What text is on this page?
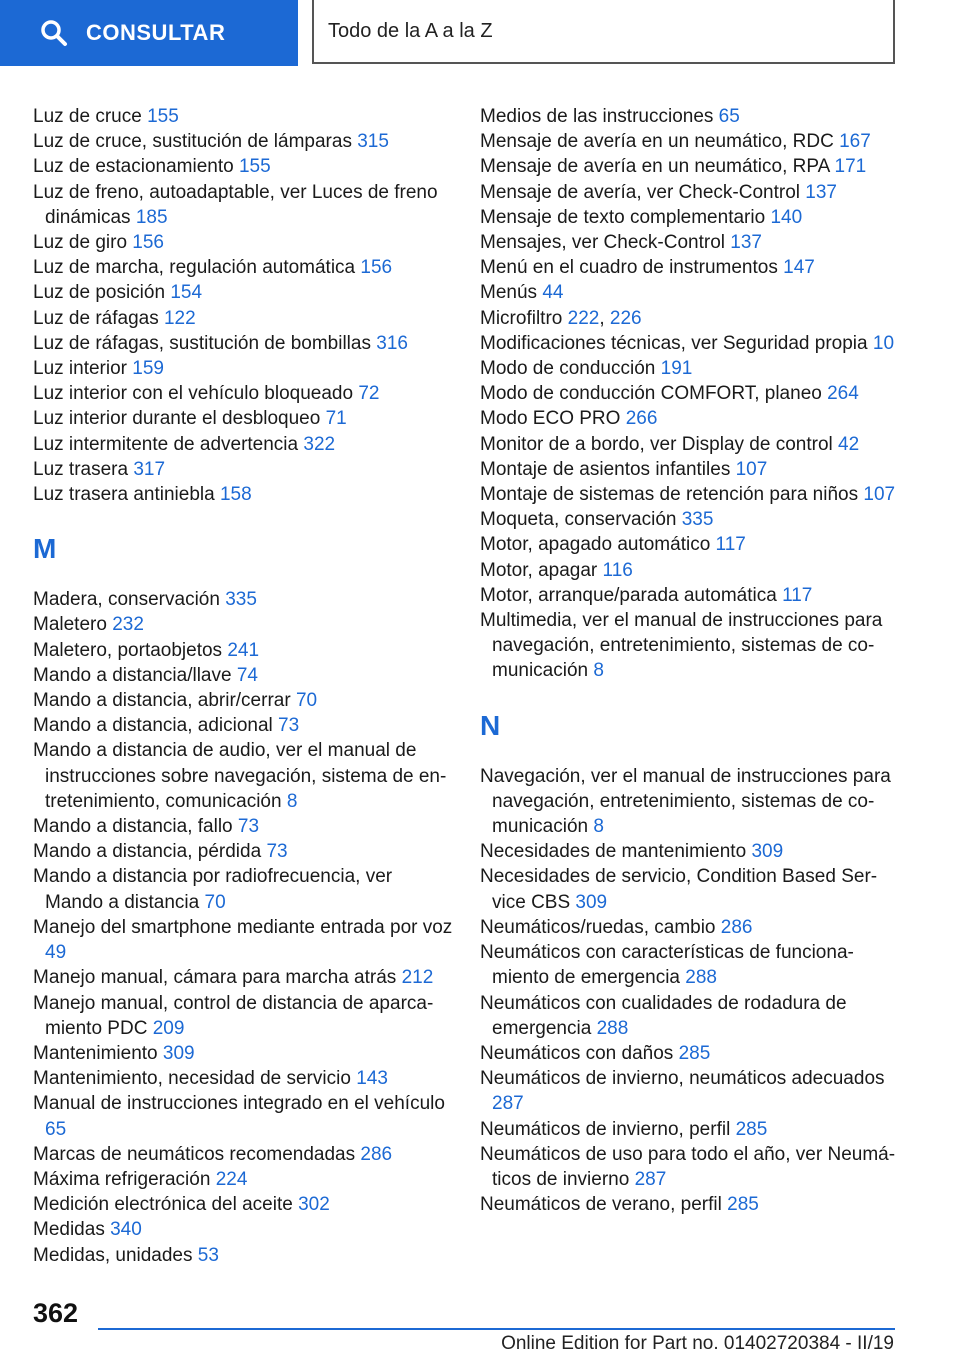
CONSULTAR	Todo de la A a la Z
Luz de cruce 155
Luz de cruce, sustitución de lámparas 315
Luz de estacionamiento 155
Luz de freno, autoadaptable, ver Luces de freno dinámicas 185
Luz de giro 156
Luz de marcha, regulación automática 156
Luz de posición 154
Luz de ráfagas 122
Luz de ráfagas, sustitución de bombillas 316
Luz interior 159
Luz interior con el vehículo bloqueado 72
Luz interior durante el desbloqueo 71
Luz intermitente de advertencia 322
Luz trasera 317
Luz trasera antiniebla 158
M
Madera, conservación 335
Maletero 232
Maletero, portaobjetos 241
Mando a distancia/llave 74
Mando a distancia, abrir/cerrar 70
Mando a distancia, adicional 73
Mando a distancia de audio, ver el manual de instrucciones sobre navegación, sistema de entretenimiento, comunicación 8
Mando a distancia, fallo 73
Mando a distancia, pérdida 73
Mando a distancia por radiofrecuencia, ver Mando a distancia 70
Manejo del smartphone mediante entrada por voz 49
Manejo manual, cámara para marcha atrás 212
Manejo manual, control de distancia de aparcamiento PDC 209
Mantenimiento 309
Mantenimiento, necesidad de servicio 143
Manual de instrucciones integrado en el vehículo 65
Marcas de neumáticos recomendadas 286
Máxima refrigeración 224
Medición electrónica del aceite 302
Medidas 340
Medidas, unidades 53
Medios de las instrucciones 65
Mensaje de avería en un neumático, RDC 167
Mensaje de avería en un neumático, RPA 171
Mensaje de avería, ver Check-Control 137
Mensaje de texto complementario 140
Mensajes, ver Check-Control 137
Menú en el cuadro de instrumentos 147
Menús 44
Microfiltro 222, 226
Modificaciones técnicas, ver Seguridad propia 10
Modo de conducción 191
Modo de conducción COMFORT, planeo 264
Modo ECO PRO 266
Monitor de a bordo, ver Display de control 42
Montaje de asientos infantiles 107
Montaje de sistemas de retención para niños 107
Moqueta, conservación 335
Motor, apagado automático 117
Motor, apagar 116
Motor, arranque/parada automática 117
Multimedia, ver el manual de instrucciones para navegación, entretenimiento, sistemas de comunicación 8
N
Navegación, ver el manual de instrucciones para navegación, entretenimiento, sistemas de comunicación 8
Necesidades de mantenimiento 309
Necesidades de servicio, Condition Based Service CBS 309
Neumáticos/ruedas, cambio 286
Neumáticos con características de funcionamiento de emergencia 288
Neumáticos con cualidades de rodadura de emergencia 288
Neumáticos con daños 285
Neumáticos de invierno, neumáticos adecuados 287
Neumáticos de invierno, perfil 285
Neumáticos de uso para todo el año, ver Neumáticos de invierno 287
Neumáticos de verano, perfil 285
362
Online Edition for Part no. 01402720384 - II/19
